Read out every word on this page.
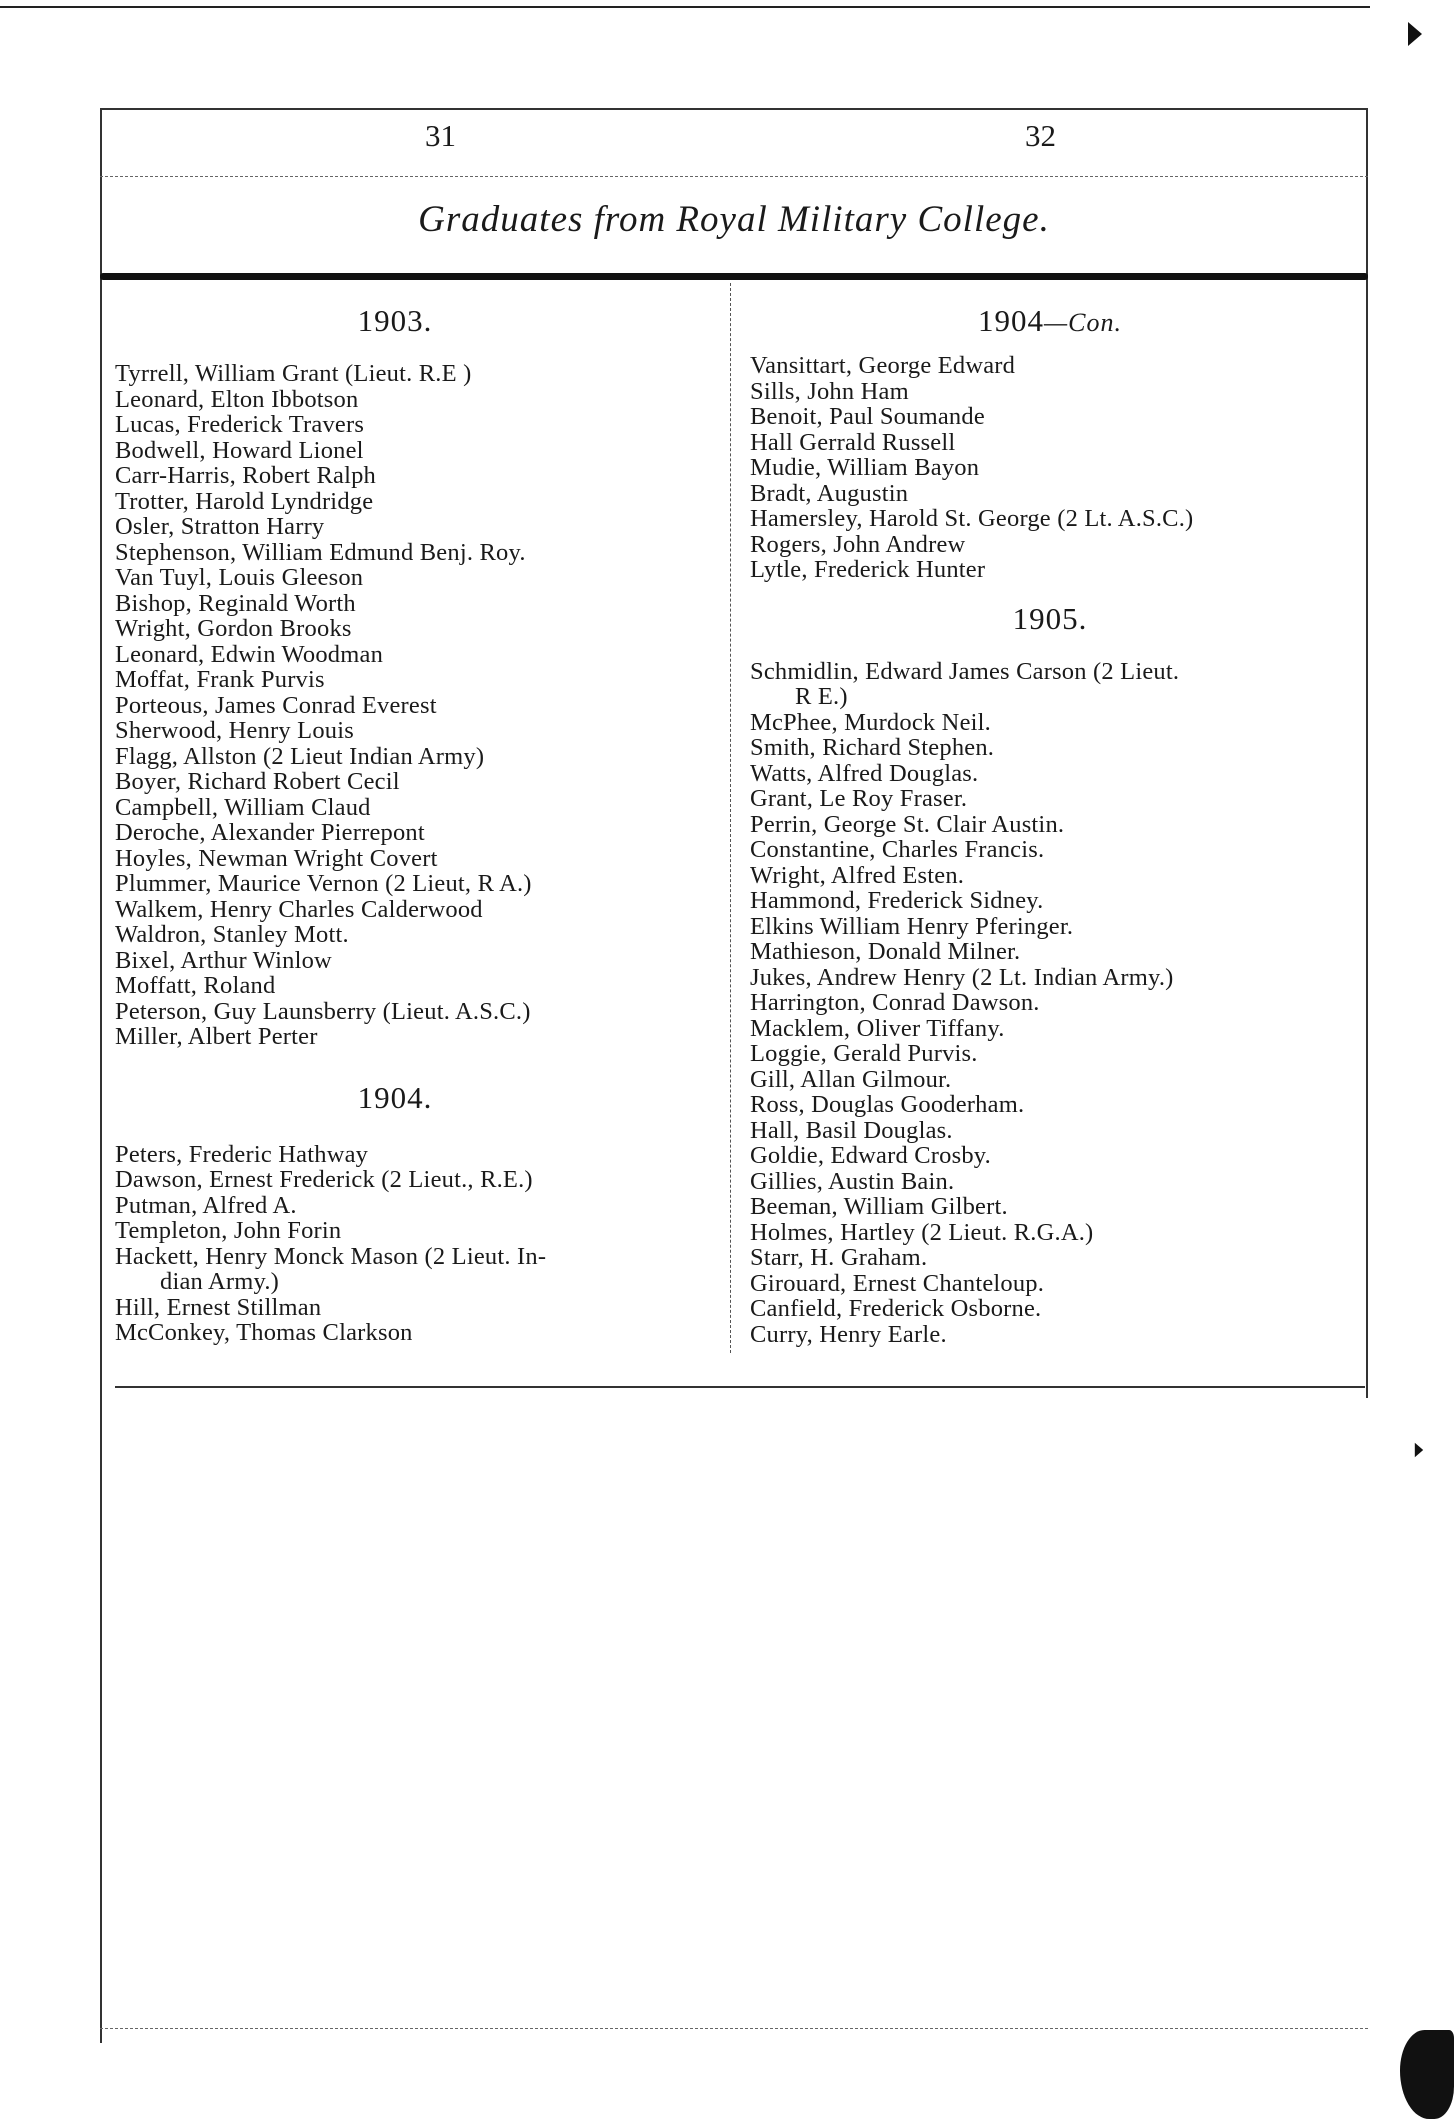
31	32
Graduates from Royal Military College.
1903.
Tyrrell, William Grant (Lieut. R.E )
Leonard, Elton Ibbotson
Lucas, Frederick Travers
Bodwell, Howard Lionel
Carr-Harris, Robert Ralph
Trotter, Harold Lyndridge
Osler, Stratton Harry
Stephenson, William Edmund Benj. Roy.
Van Tuyl, Louis Gleeson
Bishop, Reginald Worth
Wright, Gordon Brooks
Leonard, Edwin Woodman
Moffat, Frank Purvis
Porteous, James Conrad Everest
Sherwood, Henry Louis
Flagg, Allston (2 Lieut Indian Army)
Boyer, Richard Robert Cecil
Campbell, William Claud
Deroche, Alexander Pierrepont
Hoyles, Newman Wright Covert
Plummer, Maurice Vernon (2 Lieut, R A.)
Walkem, Henry Charles Calderwood
Waldron, Stanley Mott.
Bixel, Arthur Winlow
Moffatt, Roland
Peterson, Guy Launsberry (Lieut. A.S.C.)
Miller, Albert Perter
1904.
Peters, Frederic Hathway
Dawson, Ernest Frederick (2 Lieut., R.E.)
Putman, Alfred A.
Templeton, John Forin
Hackett, Henry Monck Mason (2 Lieut. In-
dian Army.)
Hill, Ernest Stillman
McConkey, Thomas Clarkson
1904—Con.
Vansittart, George Edward
Sills, John Ham
Benoit, Paul Soumande
Hall Gerrald Russell
Mudie, William Bayon
Bradt, Augustin
Hamersley, Harold St. George (2 Lt. A.S.C.)
Rogers, John Andrew
Lytle, Frederick Hunter
1905.
Schmidlin, Edward James Carson (2 Lieut.
R E.)
McPhee, Murdock Neil.
Smith, Richard Stephen.
Watts, Alfred Douglas.
Grant, Le Roy Fraser.
Perrin, George St. Clair Austin.
Constantine, Charles Francis.
Wright, Alfred Esten.
Hammond, Frederick Sidney.
Elkins William Henry Pferinger.
Mathieson, Donald Milner.
Jukes, Andrew Henry (2 Lt. Indian Army.)
Harrington, Conrad Dawson.
Macklem, Oliver Tiffany.
Loggie, Gerald Purvis.
Gill, Allan Gilmour.
Ross, Douglas Gooderham.
Hall, Basil Douglas.
Goldie, Edward Crosby.
Gillies, Austin Bain.
Beeman, William Gilbert.
Holmes, Hartley (2 Lieut. R.G.A.)
Starr, H. Graham.
Girouard, Ernest Chanteloup.
Canfield, Frederick Osborne.
Curry, Henry Earle.
